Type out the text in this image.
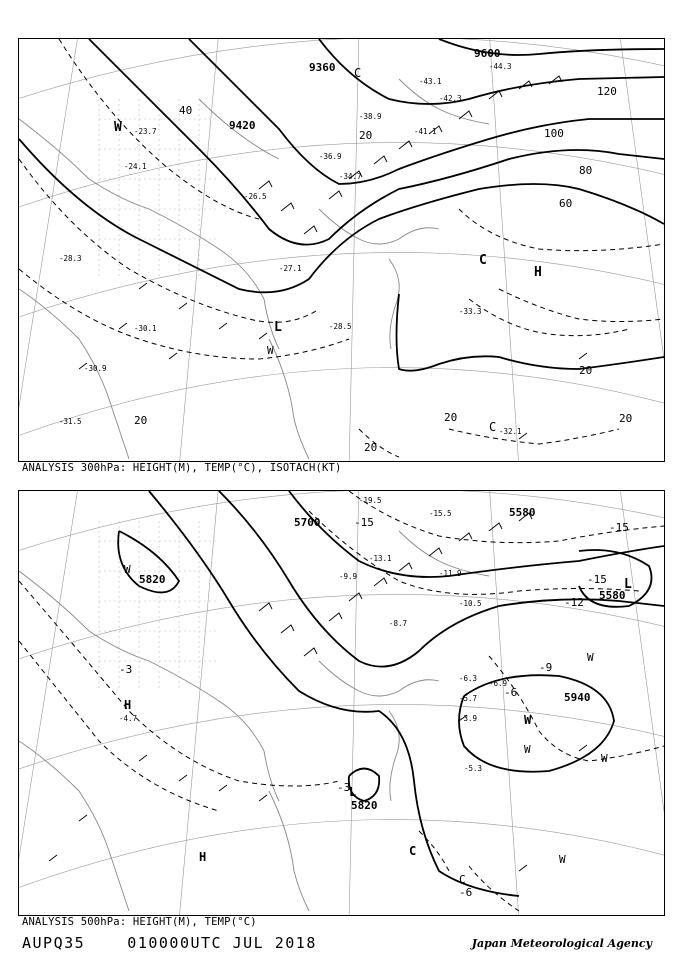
9360
9420
9600
20
40
60
80
100
120
20	20
20
20
20
L
H
C
W
W
C
C
-23.7
-24.1
-26.5
-27.1
-28.3
-28.5
-30.1
-30.9
-31.5
-32.1
-33.3
-34.7
-36.9
-38.9
-41.1
-42.3
-43.1
-44.3
ANALYSIS 300hPa: HEIGHT(M), TEMP(°C), ISOTACH(KT)
5700
5820
5940
5820
5580
5580
-3
-6
-9
-12
-15
-15
-15
-6
-3
H
L
W
C
H
L
W
W
W
W
W
C
-3.9
-4.7
-5.3
-5.7
-6.3
-6.9
-8.7
-9.9
-10.5
-11.9
-13.1
-15.5
-19.5
ANALYSIS 500hPa: HEIGHT(M), TEMP(°C)
AUPQ35    010000UTC JUL 2018	Japan Meteorological Agency
